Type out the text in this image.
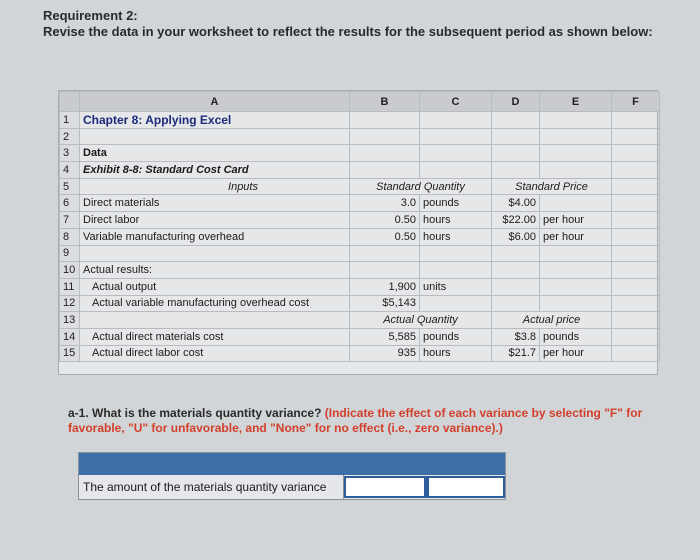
Requirement 2:
Revise the data in your worksheet to reflect the results for the subsequent period as shown below:
	A	B	C	D	E	F
1	Chapter 8: Applying Excel					
2						
3	Data					
4	Exhibit 8-8: Standard Cost Card					
5	Inputs	Standard Quantity		Standard Price		
6	Direct materials	3.0	pounds	$4.00		
7	Direct labor	0.50	hours	$22.00	per hour	
8	Variable manufacturing overhead	0.50	hours	$6.00	per hour	
9						
10	Actual results:					
11	Actual output	1,900	units			
12	Actual variable manufacturing overhead cost	$5,143				
13		Actual Quantity		Actual price		
14	Actual direct materials cost	5,585	pounds	$3.8	pounds	
15	Actual direct labor cost	935	hours	$21.7	per hour	
a-1. What is the materials quantity variance? (Indicate the effect of each variance by selecting "F" for favorable, "U" for unfavorable, and "None" for no effect (i.e., zero variance).)
The amount of the materials quantity variance
